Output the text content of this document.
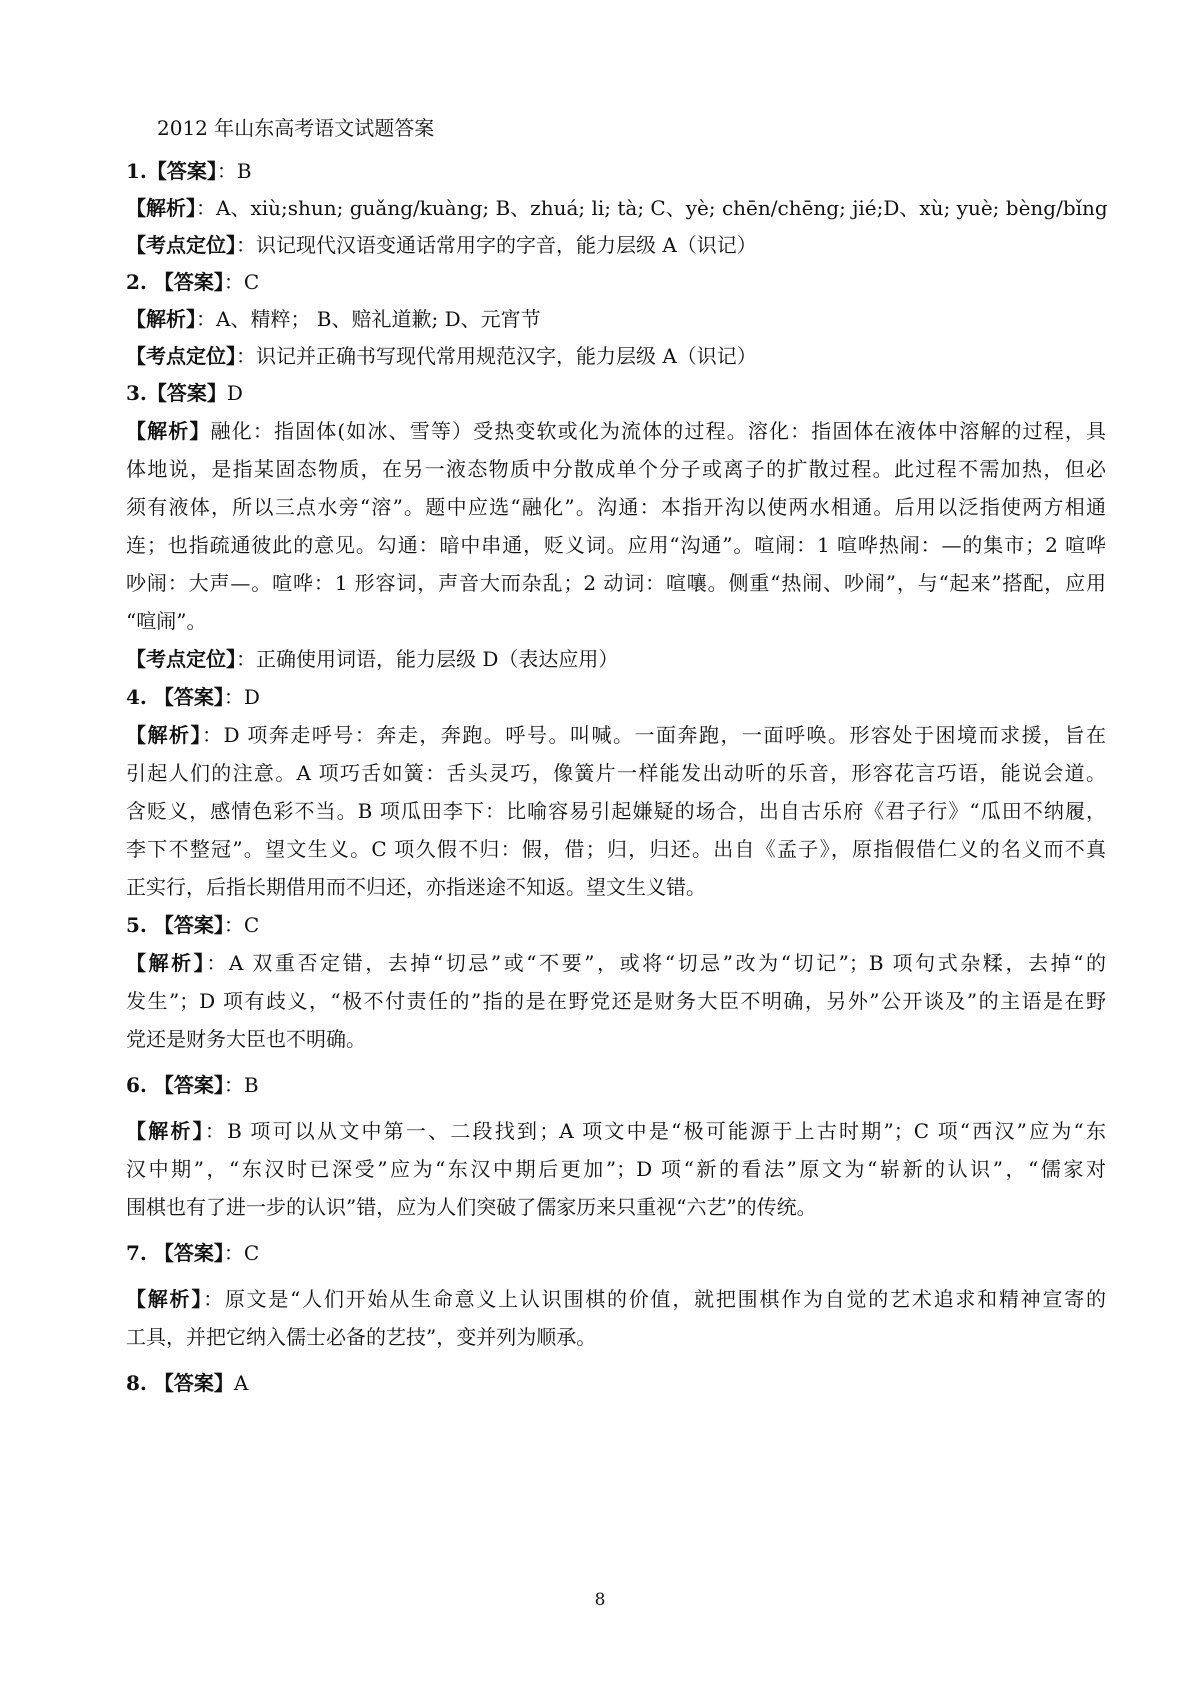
2012 年山东高考语文试题答案
1.【答案】：B
【解析】：A、xiù;shun; guǎng/kuàng; B、zhuá; li; tà; C、yè; chēn/chēng; jié;D、xù; yuè; bèng/bǐng
【考点定位】：识记现代汉语变通话常用字的字音，能力层级 A（识记）
2. 【答案】：C
【解析】：A、精粹； B、赔礼道歉; D、元宵节
【考点定位】：识记并正确书写现代常用规范汉字，能力层级 A（识记）
3.【答案】D
【解析】融化：指固体(如冰、雪等）受热变软或化为流体的过程。溶化：指固体在液体中溶解的过程，具
体地说，是指某固态物质，在另一液态物质中分散成单个分子或离子的扩散过程。此过程不需加热，但必
须有液体，所以三点水旁“溶”。题中应选“融化”。沟通：本指开沟以使两水相通。后用以泛指使两方相通
连；也指疏通彼此的意见。勾通：暗中串通，贬义词。应用“沟通”。喧闹：1 喧哗热闹：—的集市；2 喧哗
吵闹：大声—。喧哗：1 形容词，声音大而杂乱；2 动词：喧嚷。侧重“热闹、吵闹”，与“起来”搭配，应用
“喧闹”。
【考点定位】：正确使用词语，能力层级 D（表达应用）
4. 【答案】：D
【解析】：D 项奔走呼号：奔走，奔跑。呼号。叫喊。一面奔跑，一面呼唤。形容处于困境而求援，旨在
引起人们的注意。A 项巧舌如簧：舌头灵巧，像簧片一样能发出动听的乐音，形容花言巧语，能说会道。
含贬义，感情色彩不当。B 项瓜田李下：比喻容易引起嫌疑的场合，出自古乐府《君子行》“瓜田不纳履，
李下不整冠”。望文生义。C 项久假不归：假，借；归，归还。出自《孟子》，原指假借仁义的名义而不真
正实行，后指长期借用而不归还，亦指迷途不知返。望文生义错。
5. 【答案】：C
【解析】：A 双重否定错，去掉“切忌”或“不要”，或将“切忌”改为“切记”；B 项句式杂糅，去掉“的
发生”；D 项有歧义，“极不付责任的”指的是在野党还是财务大臣不明确，另外”公开谈及”的主语是在野
党还是财务大臣也不明确。
6. 【答案】：B
【解析】：B 项可以从文中第一、二段找到；A 项文中是“极可能源于上古时期”；C 项“西汉”应为“东
汉中期”，“东汉时已深受”应为“东汉中期后更加”；D 项“新的看法”原文为“崭新的认识”，“儒家对
围棋也有了进一步的认识”错，应为人们突破了儒家历来只重视“六艺”的传统。
7. 【答案】：C
【解析】：原文是“人们开始从生命意义上认识围棋的价值，就把围棋作为自觉的艺术追求和精神宣寄的
工具，并把它纳入儒士必备的艺技”，变并列为顺承。
8. 【答案】A
8
